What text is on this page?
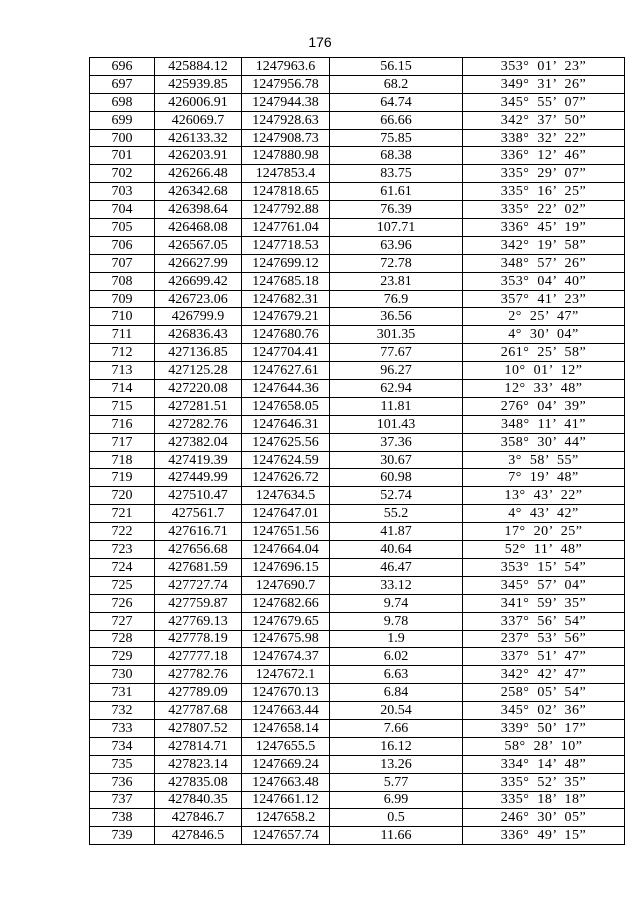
176
696	425884.12	1247963.6	56.15	353° 01’ 23”
697	425939.85	1247956.78	68.2	349° 31’ 26”
698	426006.91	1247944.38	64.74	345° 55’ 07”
699	426069.7	1247928.63	66.66	342° 37’ 50”
700	426133.32	1247908.73	75.85	338° 32’ 22”
701	426203.91	1247880.98	68.38	336° 12’ 46”
702	426266.48	1247853.4	83.75	335° 29’ 07”
703	426342.68	1247818.65	61.61	335° 16’ 25”
704	426398.64	1247792.88	76.39	335° 22’ 02”
705	426468.08	1247761.04	107.71	336° 45’ 19”
706	426567.05	1247718.53	63.96	342° 19’ 58”
707	426627.99	1247699.12	72.78	348° 57’ 26”
708	426699.42	1247685.18	23.81	353° 04’ 40”
709	426723.06	1247682.31	76.9	357° 41’ 23”
710	426799.9	1247679.21	36.56	2° 25’ 47”
711	426836.43	1247680.76	301.35	4° 30’ 04”
712	427136.85	1247704.41	77.67	261° 25’ 58”
713	427125.28	1247627.61	96.27	10° 01’ 12”
714	427220.08	1247644.36	62.94	12° 33’ 48”
715	427281.51	1247658.05	11.81	276° 04’ 39”
716	427282.76	1247646.31	101.43	348° 11’ 41”
717	427382.04	1247625.56	37.36	358° 30’ 44”
718	427419.39	1247624.59	30.67	3° 58’ 55”
719	427449.99	1247626.72	60.98	7° 19’ 48”
720	427510.47	1247634.5	52.74	13° 43’ 22”
721	427561.7	1247647.01	55.2	4° 43’ 42”
722	427616.71	1247651.56	41.87	17° 20’ 25”
723	427656.68	1247664.04	40.64	52° 11’ 48”
724	427681.59	1247696.15	46.47	353° 15’ 54”
725	427727.74	1247690.7	33.12	345° 57’ 04”
726	427759.87	1247682.66	9.74	341° 59’ 35”
727	427769.13	1247679.65	9.78	337° 56’ 54”
728	427778.19	1247675.98	1.9	237° 53’ 56”
729	427777.18	1247674.37	6.02	337° 51’ 47”
730	427782.76	1247672.1	6.63	342° 42’ 47”
731	427789.09	1247670.13	6.84	258° 05’ 54”
732	427787.68	1247663.44	20.54	345° 02’ 36”
733	427807.52	1247658.14	7.66	339° 50’ 17”
734	427814.71	1247655.5	16.12	58° 28’ 10”
735	427823.14	1247669.24	13.26	334° 14’ 48”
736	427835.08	1247663.48	5.77	335° 52’ 35”
737	427840.35	1247661.12	6.99	335° 18’ 18”
738	427846.7	1247658.2	0.5	246° 30’ 05”
739	427846.5	1247657.74	11.66	336° 49’ 15”
